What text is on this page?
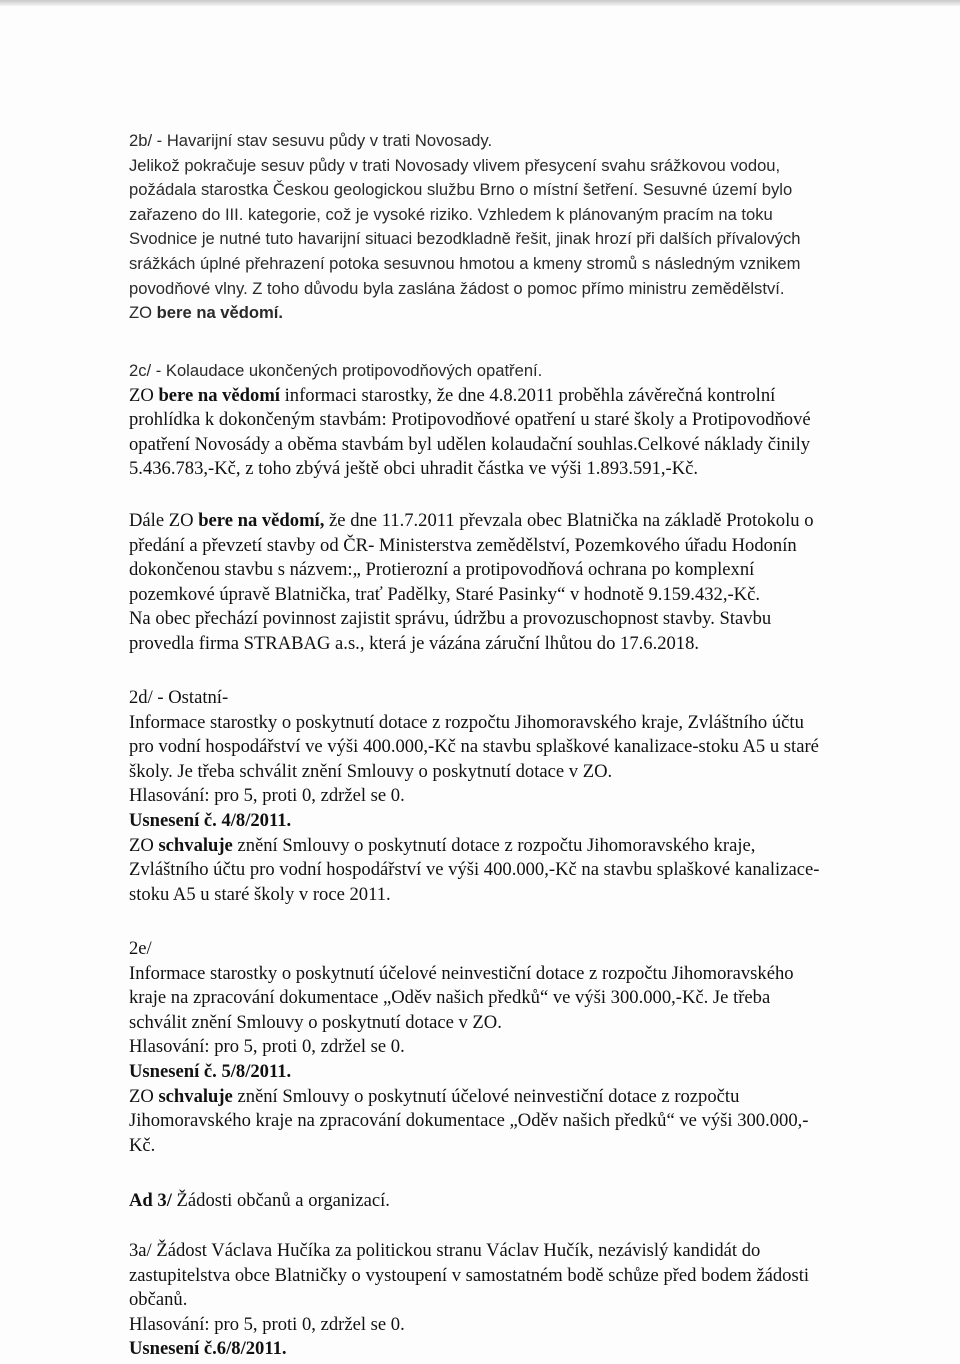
2b/ - Havarijní stav sesuvu půdy v trati Novosady.
Jelikož pokračuje sesuv půdy v trati Novosady vlivem přesycení svahu srážkovou vodou,
požádala starostka Českou geologickou službu Brno o místní šetření. Sesuvné území bylo
zařazeno do III. kategorie, což je vysoké riziko. Vzhledem k plánovaným pracím na toku
Svodnice je nutné tuto havarijní situaci bezodkladně řešit, jinak hrozí při dalších přívalových
srážkách úplné přehrazení potoka sesuvnou hmotou a kmeny stromů s následným vznikem
povodňové vlny. Z toho důvodu byla zaslána žádost o pomoc přímo ministru zemědělství.
ZO bere na vědomí.
2c/ - Kolaudace ukončených protipovodňových opatření.
ZO bere na vědomí informaci starostky, že dne 4.8.2011 proběhla závěrečná kontrolní
prohlídka k dokončeným stavbám: Protipovodňové opatření u staré školy a Protipovodňové
opatření Novosády a oběma stavbám byl udělen kolaudační souhlas.Celkové náklady činily
5.436.783,-Kč, z toho zbývá ještě obci uhradit částka ve výši 1.893.591,-Kč.
Dále ZO bere na vědomí, že dne 11.7.2011 převzala obec Blatnička na základě Protokolu o
předání a převzetí stavby od ČR- Ministerstva zemědělství, Pozemkového úřadu Hodonín
dokončenou stavbu s názvem:„ Protierozní a protipovodňová ochrana po komplexní
pozemkové úpravě Blatnička, trať Padělky, Staré Pasinky“ v hodnotě 9.159.432,-Kč.
Na obec přechází povinnost zajistit správu, údržbu a provozuschopnost stavby. Stavbu
provedla firma STRABAG a.s., která je vázána záruční lhůtou do 17.6.2018.
2d/ - Ostatní-
Informace starostky o poskytnutí dotace z rozpočtu Jihomoravského kraje, Zvláštního účtu
pro vodní hospodářství ve výši 400.000,-Kč na stavbu splaškové kanalizace-stoku A5 u staré
školy. Je třeba schválit znění Smlouvy o poskytnutí dotace v ZO.
Hlasování: pro 5, proti 0, zdržel se 0.
Usnesení č. 4/8/2011.
ZO schvaluje znění Smlouvy o poskytnutí dotace z rozpočtu Jihomoravského kraje,
Zvláštního účtu pro vodní hospodářství ve výši 400.000,-Kč na stavbu splaškové kanalizace-
stoku A5 u staré školy v roce 2011.
2e/
Informace starostky o poskytnutí účelové neinvestiční dotace z rozpočtu Jihomoravského
kraje na zpracování dokumentace „Oděv našich předků“ ve výši 300.000,-Kč. Je třeba
schválit znění Smlouvy o poskytnutí dotace v ZO.
Hlasování: pro 5, proti 0, zdržel se 0.
Usnesení č. 5/8/2011.
ZO schvaluje znění Smlouvy o poskytnutí účelové neinvestiční dotace z rozpočtu
Jihomoravského kraje na zpracování dokumentace „Oděv našich předků“ ve výši 300.000,-
Kč.
Ad 3/ Žádosti občanů a organizací.
3a/ Žádost Václava Hučíka za politickou stranu Václav Hučík, nezávislý kandidát do
zastupitelstva obce Blatničky o vystoupení v samostatném bodě schůze před bodem žádosti
občanů.
Hlasování: pro 5, proti 0, zdržel se 0.
Usnesení č.6/8/2011.
